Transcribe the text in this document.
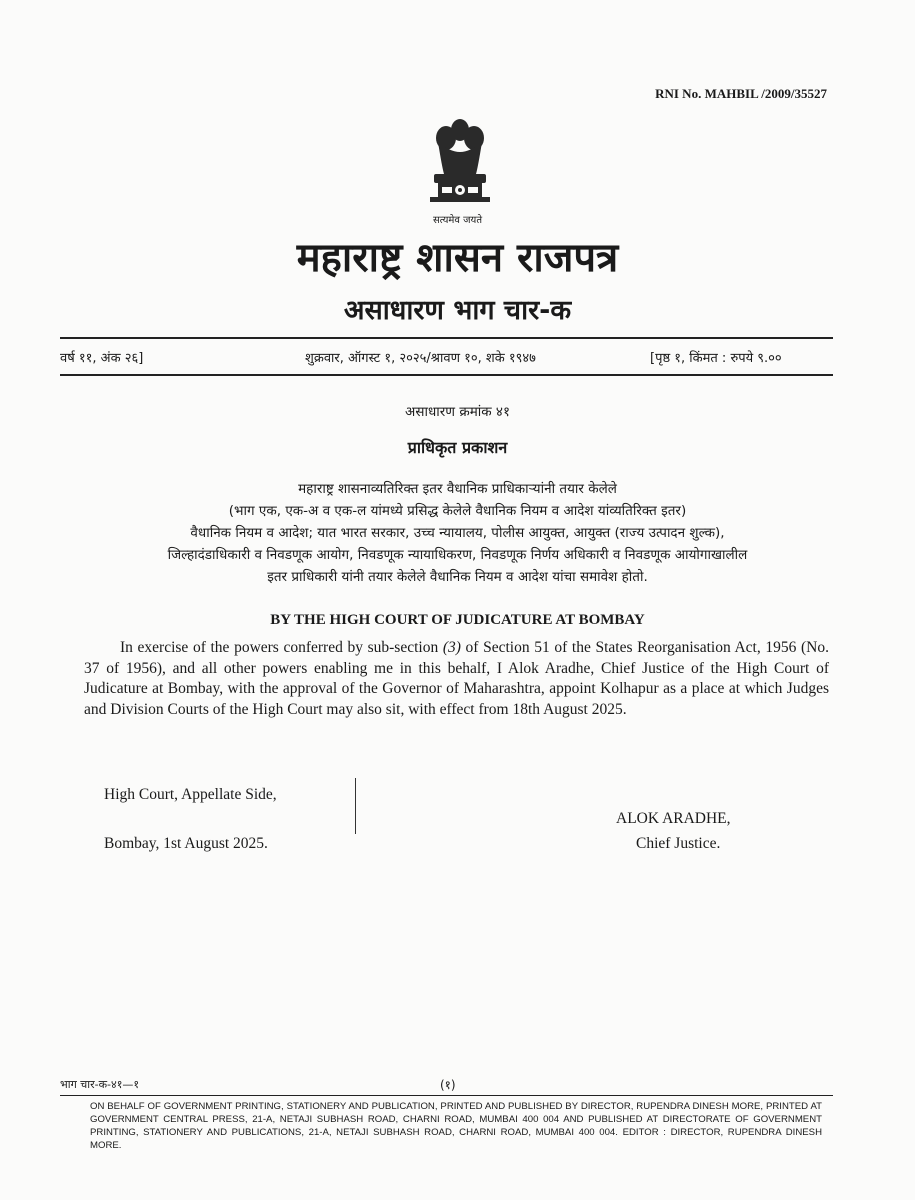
RNI No. MAHBIL /2009/35527
सत्यमेव जयते
महाराष्ट्र शासन राजपत्र
असाधारण भाग चार-क
वर्ष ११, अंक २६]	शुक्रवार, ऑगस्ट १, २०२५/श्रावण १०, शके १९४७	[पृष्ठ १, किंमत : रुपये ९.००
असाधारण क्रमांक ४१
प्राधिकृत प्रकाशन
महाराष्ट्र शासनाव्यतिरिक्त इतर वैधानिक प्राधिकाऱ्यांनी तयार केलेले
(भाग एक, एक-अ व एक-ल यांमध्ये प्रसिद्ध केलेले वैधानिक नियम व आदेश यांव्यतिरिक्त इतर)
वैधानिक नियम व आदेश; यात भारत सरकार, उच्च न्यायालय, पोलीस आयुक्त, आयुक्त (राज्य उत्पादन शुल्क),
जिल्हादंडाधिकारी व निवडणूक आयोग, निवडणूक न्यायाधिकरण, निवडणूक निर्णय अधिकारी व निवडणूक आयोगाखालील
इतर प्राधिकारी यांनी तयार केलेले वैधानिक नियम व आदेश यांचा समावेश होतो.
BY THE HIGH COURT OF JUDICATURE AT BOMBAY
In exercise of the powers conferred by sub-section (3) of Section 51 of the States Reorganisation Act, 1956 (No. 37 of 1956), and all other powers enabling me in this behalf, I Alok Aradhe, Chief Justice of the High Court of Judicature at Bombay, with the approval of the Governor of Maharashtra, appoint Kolhapur as a place at which Judges and Division Courts of the High Court may also sit, with effect from 18th August 2025.
High Court, Appellate Side,
Bombay, 1st August 2025.
ALOK ARADHE,
Chief Justice.
भाग चार-क-४१—१	(१)
ON BEHALF OF GOVERNMENT PRINTING, STATIONERY AND PUBLICATION, PRINTED AND PUBLISHED BY DIRECTOR, RUPENDRA DINESH MORE, PRINTED AT GOVERNMENT CENTRAL PRESS, 21-A, NETAJI SUBHASH ROAD, CHARNI ROAD, MUMBAI 400 004 AND PUBLISHED AT DIRECTORATE OF GOVERNMENT PRINTING, STATIONERY AND PUBLICATIONS, 21-A, NETAJI SUBHASH ROAD, CHARNI ROAD, MUMBAI 400 004. EDITOR : DIRECTOR, RUPENDRA DINESH MORE.
